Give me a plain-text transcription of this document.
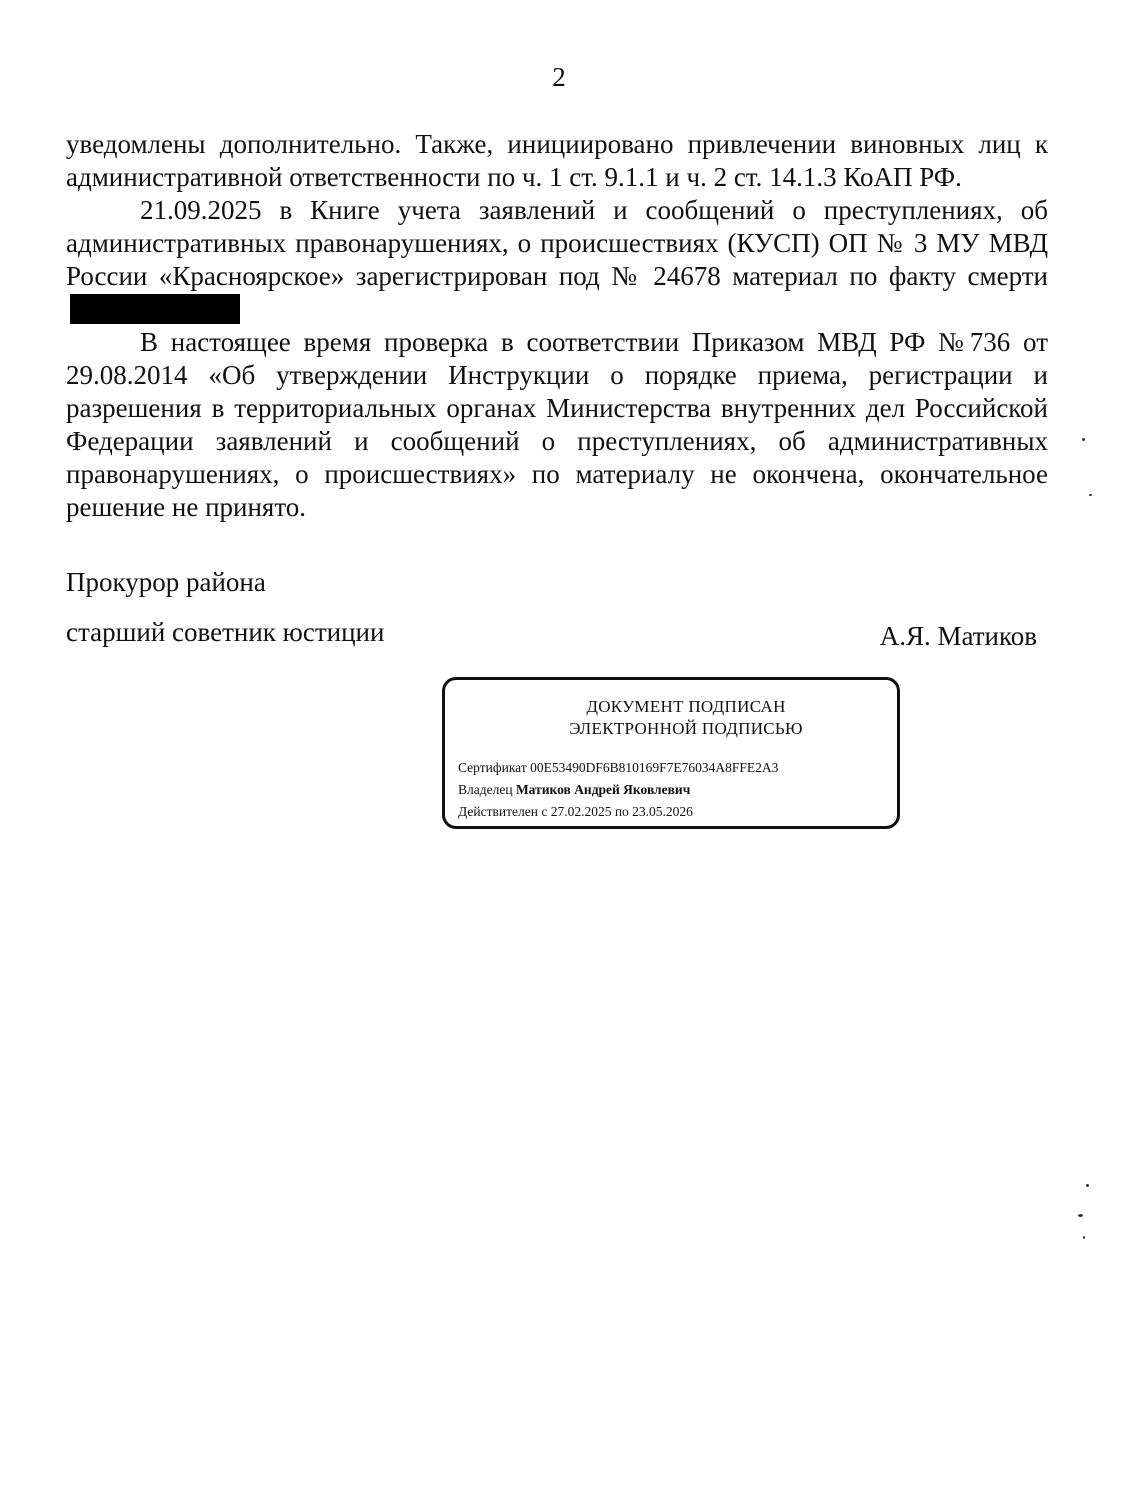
2

уведомлены дополнительно. Также, инициировано привлечении виновных лиц к административной ответственности по ч. 1 ст. 9.1.1 и ч. 2 ст. 14.1.3 КоАП РФ.

21.09.2025 в Книге учета заявлений и сообщений о преступлениях, об административных правонарушениях, о происшествиях (КУСП) ОП № 3 МУ МВД России «Красноярское» зарегистрирован под № 24678 материал по факту смерти

В настоящее время проверка в соответствии Приказом МВД РФ №736 от 29.08.2014 «Об утверждении Инструкции о порядке приема, регистрации и разрешения в территориальных органах Министерства внутренних дел Российской Федерации заявлений и сообщений о преступлениях, об административных правонарушениях, о происшествиях» по материалу не окончена, окончательное решение не принято.

Прокурор района
старший советник юстиции	А.Я. Матиков
ДОКУМЕНТ ПОДПИСАН
ЭЛЕКТРОННОЙ ПОДПИСЬЮ
Сертификат 00E53490DF6B810169F7E76034A8FFE2A3
Владелец Матиков Андрей Яковлевич
Действителен с 27.02.2025 по 23.05.2026
